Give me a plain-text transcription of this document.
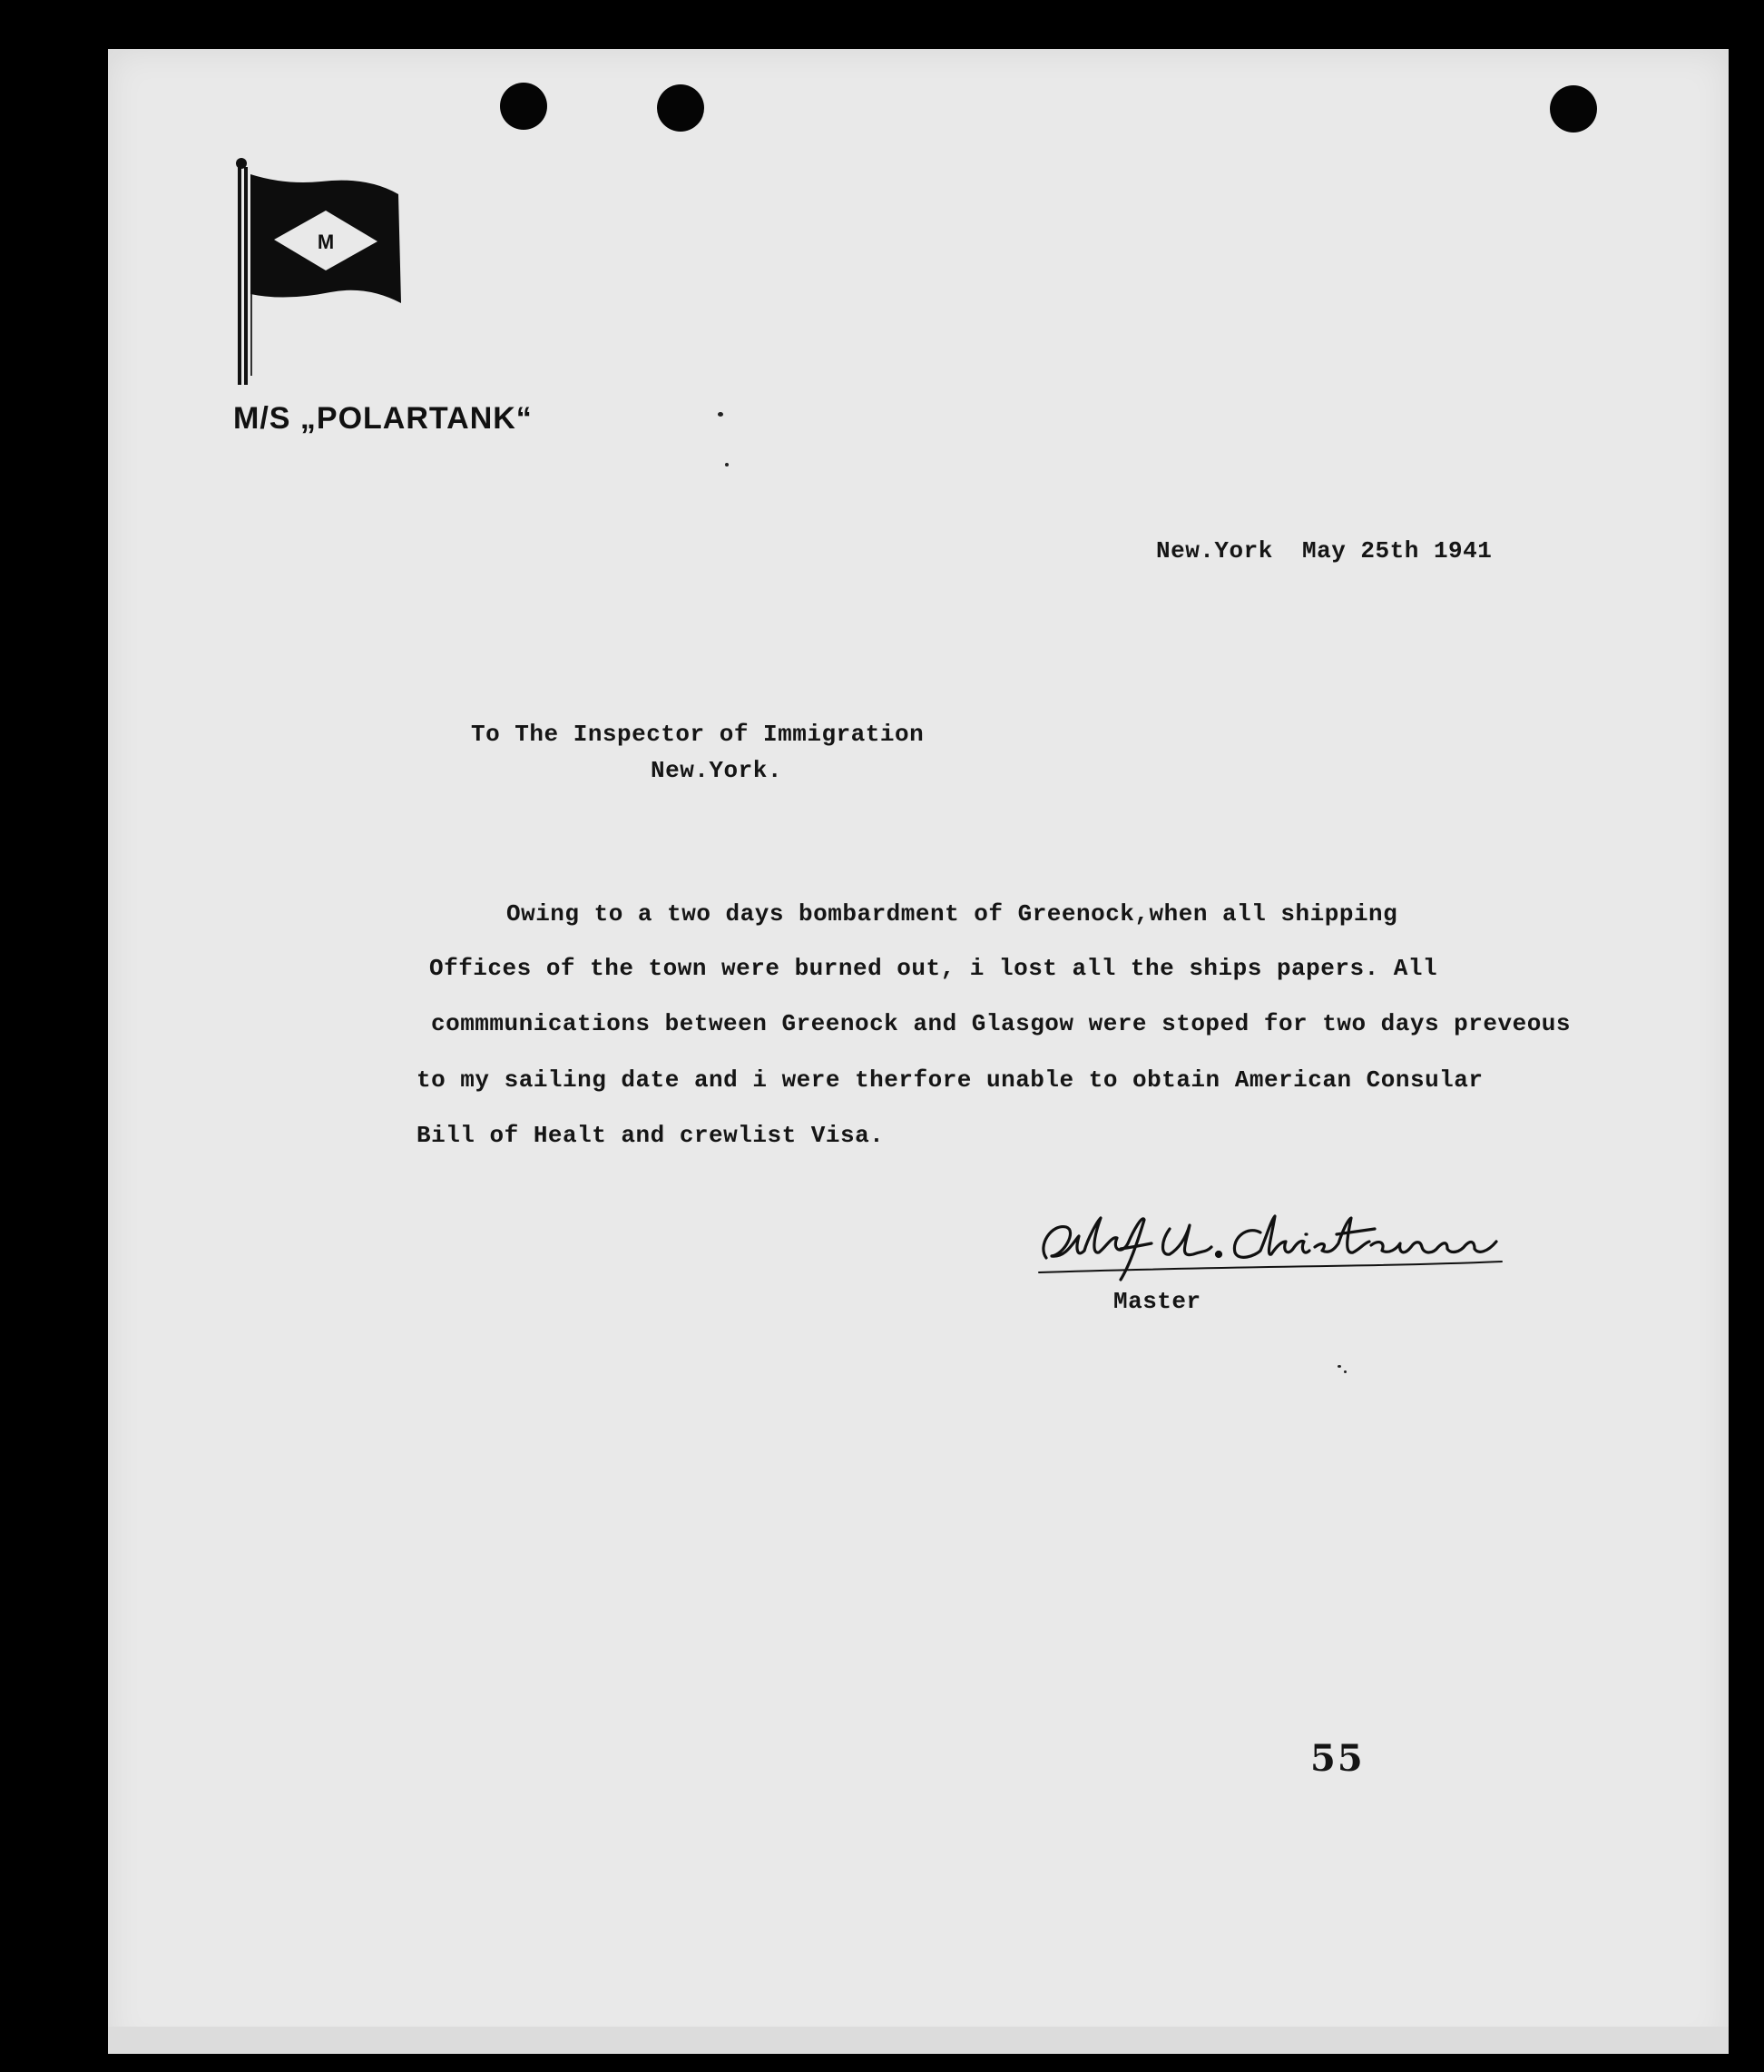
M
M/S „POLARTANK“
New.York  May 25th 1941
To The Inspector of Immigration
New.York.
Owing to a two days bombardment of Greenock,when all shipping
Offices of the town were burned out, i lost all the ships papers. All
commmunications between Greenock and Glasgow were stoped for two days preveous
to my sailing date and i were therfore unable to obtain American Consular
Bill of Healt and crewlist Visa.
Master
55
